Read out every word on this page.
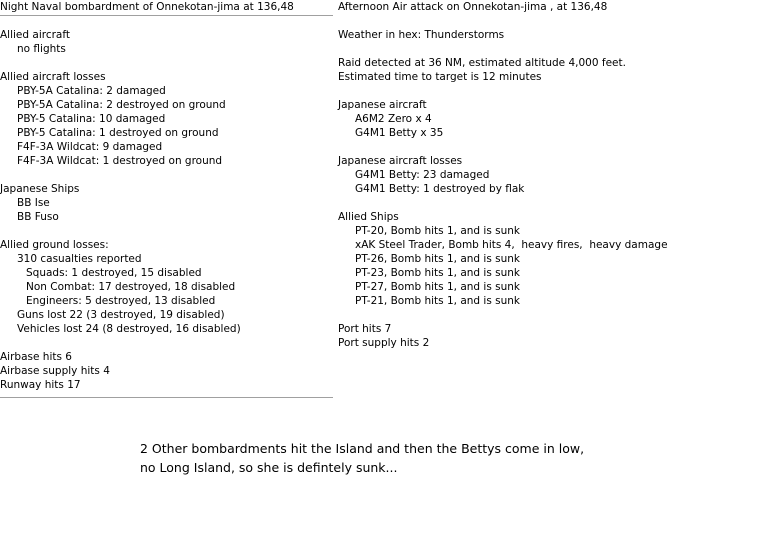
Night Naval bombardment of Onnekotan-jima at 136,48
Allied aircraft
no flights
Allied aircraft losses
PBY-5A Catalina: 2 damaged
PBY-5A Catalina: 2 destroyed on ground
PBY-5 Catalina: 10 damaged
PBY-5 Catalina: 1 destroyed on ground
F4F-3A Wildcat: 9 damaged
F4F-3A Wildcat: 1 destroyed on ground
Japanese Ships
BB Ise
BB Fuso
Allied ground losses:
310 casualties reported
Squads: 1 destroyed, 15 disabled
Non Combat: 17 destroyed, 18 disabled
Engineers: 5 destroyed, 13 disabled
Guns lost 22 (3 destroyed, 19 disabled)
Vehicles lost 24 (8 destroyed, 16 disabled)
Airbase hits 6
Airbase supply hits 4
Runway hits 17
Afternoon Air attack on Onnekotan-jima , at 136,48
Weather in hex: Thunderstorms
Raid detected at 36 NM, estimated altitude 4,000 feet.
Estimated time to target is 12 minutes
Japanese aircraft
A6M2 Zero x 4
G4M1 Betty x 35
Japanese aircraft losses
G4M1 Betty: 23 damaged
G4M1 Betty: 1 destroyed by flak
Allied Ships
PT-20, Bomb hits 1, and is sunk
xAK Steel Trader, Bomb hits 4,  heavy fires,  heavy damage
PT-26, Bomb hits 1, and is sunk
PT-23, Bomb hits 1, and is sunk
PT-27, Bomb hits 1, and is sunk
PT-21, Bomb hits 1, and is sunk
Port hits 7
Port supply hits 2
2 Other bombardments hit the Island and then the Bettys come in low,
no Long Island, so she is defintely sunk...
